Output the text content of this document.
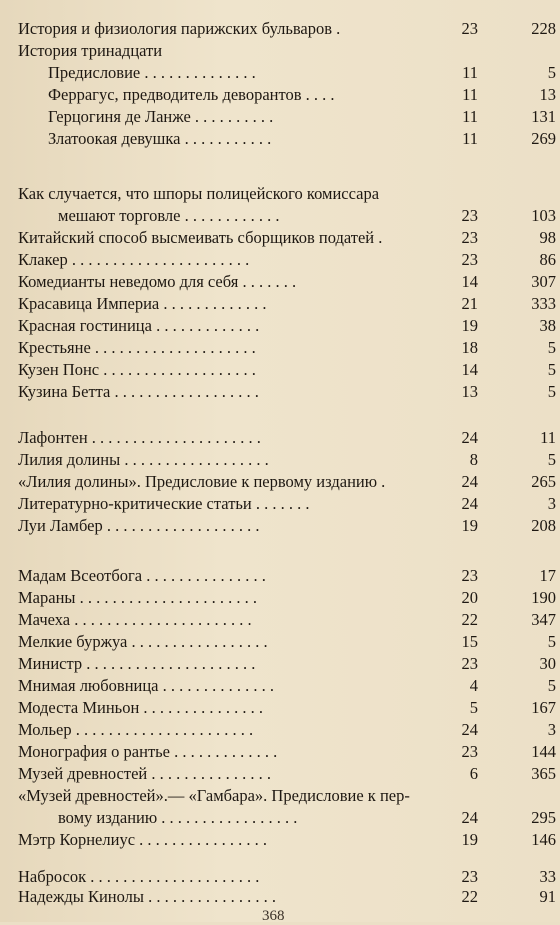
История и физиология парижских бульваров .	23	228
История тринадцати
Предисловие . . . . . . . . . . . . . .	11	5
Феррагус, предводитель деворантов . . . .	11	13
Герцогиня де Ланже . . . . . . . . . .	11	131
Златоокая девушка . . . . . . . . . . .	11	269
Как случается, что шпоры полицейского комиссара
мешают торговле . . . . . . . . . . . .	23	103
Китайский способ высмеивать сборщиков податей .	23	98
Клакер . . . . . . . . . . . . . . . . . . . . . .	23	86
Комедианты неведомо для себя . . . . . . .	14	307
Красавица Империа . . . . . . . . . . . . .	21	333
Красная гостиница . . . . . . . . . . . . .	19	38
Крестьяне . . . . . . . . . . . . . . . . . . . .	18	5
Кузен Понс . . . . . . . . . . . . . . . . . . .	14	5
Кузина Бетта . . . . . . . . . . . . . . . . . .	13	5
Лафонтен . . . . . . . . . . . . . . . . . . . . .	24	11
Лилия долины . . . . . . . . . . . . . . . . . .	8	5
«Лилия долины». Предисловие к первому изданию .	24	265
Литературно-критические статьи . . . . . . .	24	3
Луи Ламбер . . . . . . . . . . . . . . . . . . .	19	208
Мадам Всеотбога . . . . . . . . . . . . . . .	23	17
Мараны . . . . . . . . . . . . . . . . . . . . . .	20	190
Мачеха . . . . . . . . . . . . . . . . . . . . . .	22	347
Мелкие буржуа . . . . . . . . . . . . . . . . .	15	5
Министр . . . . . . . . . . . . . . . . . . . . .	23	30
Мнимая любовница . . . . . . . . . . . . . .	4	5
Модеста Миньон . . . . . . . . . . . . . . .	5	167
Мольер . . . . . . . . . . . . . . . . . . . . . .	24	3
Монография о рантье . . . . . . . . . . . . .	23	144
Музей древностей . . . . . . . . . . . . . . .	6	365
«Музей древностей».— «Гамбара». Предисловие к пер-
вому изданию . . . . . . . . . . . . . . . . .	24	295
Мэтр Корнелиус . . . . . . . . . . . . . . . .	19	146
Набросок . . . . . . . . . . . . . . . . . . . . .	23	33
Надежды Кинолы . . . . . . . . . . . . . . . .	22	91
368
